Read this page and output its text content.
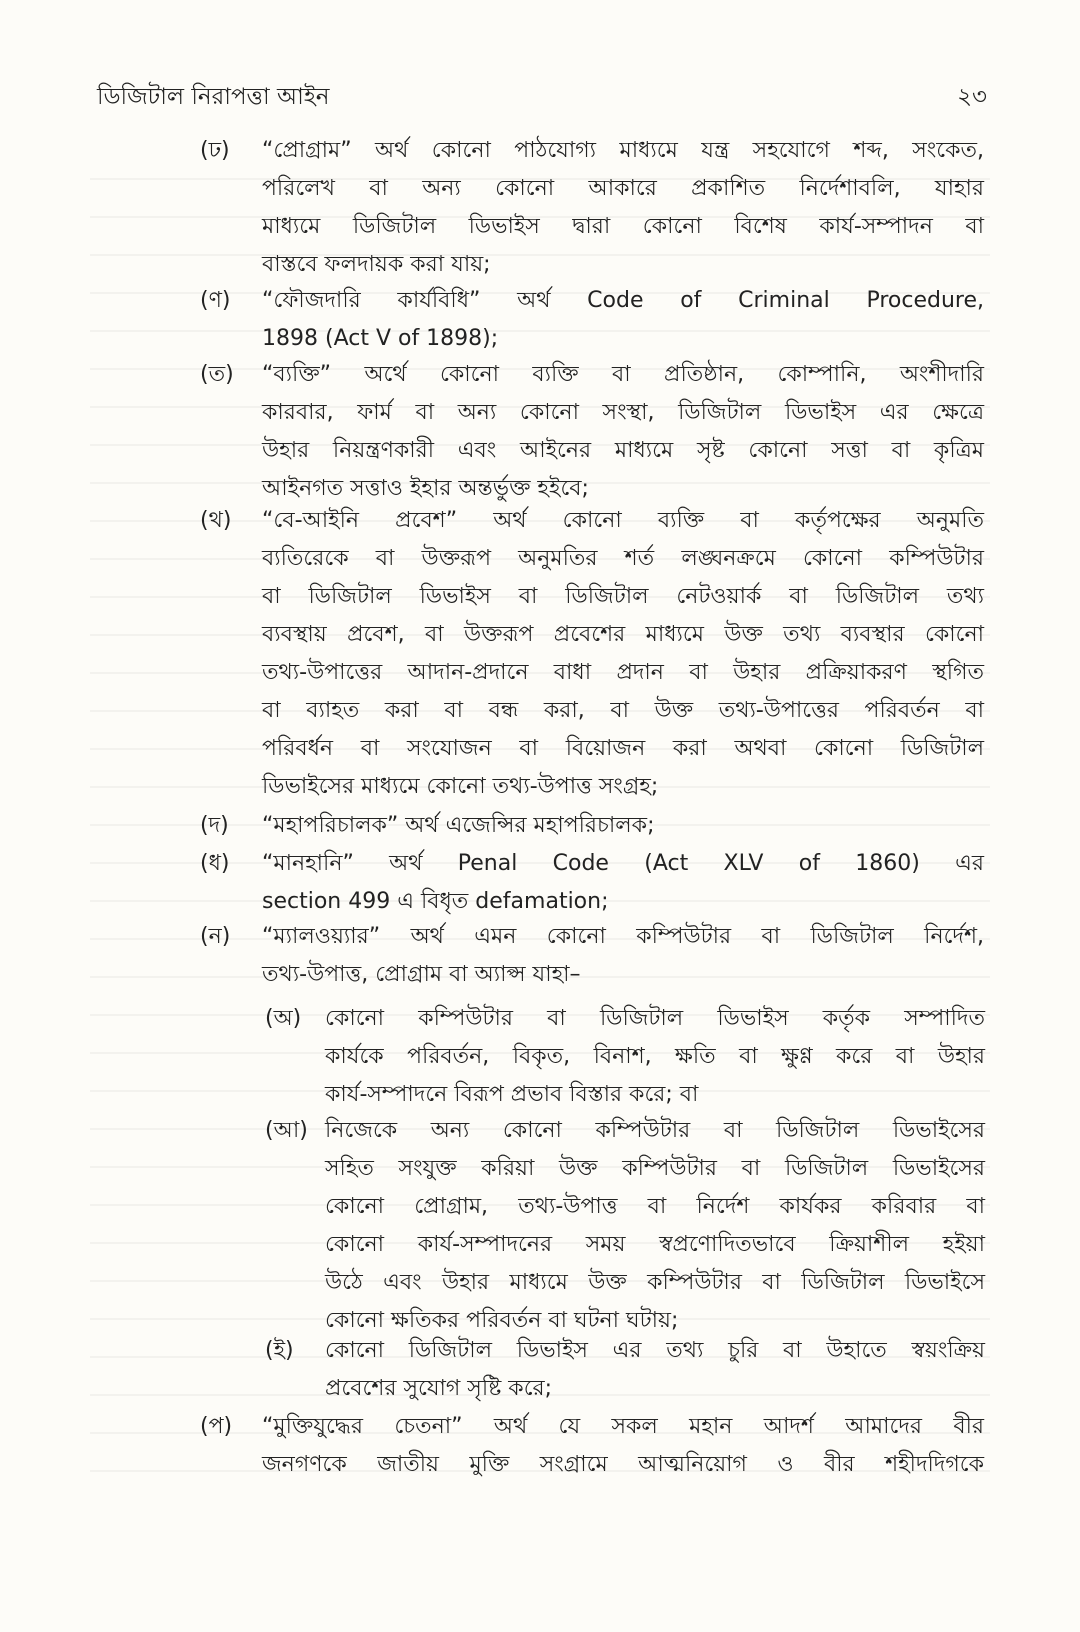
ডিজিটাল নিরাপত্তা আইন	২৩
(ঢ) “প্রোগ্রাম” অর্থ কোনো পাঠযোগ্য মাধ্যমে যন্ত্র সহযোগে শব্দ, সংকেত,
পরিলেখ বা অন্য কোনো আকারে প্রকাশিত নির্দেশাবলি, যাহার
মাধ্যমে ডিজিটাল ডিভাইস দ্বারা কোনো বিশেষ কার্য-সম্পাদন বা
বাস্তবে ফলদায়ক করা যায়;
(ণ) “ফৌজদারি কার্যবিধি” অর্থ Code of Criminal Procedure,
1898 (Act V of 1898);
(ত) “ব্যক্তি” অর্থে কোনো ব্যক্তি বা প্রতিষ্ঠান, কোম্পানি, অংশীদারি
কারবার, ফার্ম বা অন্য কোনো সংস্থা, ডিজিটাল ডিভাইস এর ক্ষেত্রে
উহার নিয়ন্ত্রণকারী এবং আইনের মাধ্যমে সৃষ্ট কোনো সত্তা বা কৃত্রিম
আইনগত সত্তাও ইহার অন্তর্ভুক্ত হইবে;
(থ) “বে-আইনি প্রবেশ” অর্থ কোনো ব্যক্তি বা কর্তৃপক্ষের অনুমতি
ব্যতিরেকে বা উক্তরূপ অনুমতির শর্ত লঙ্ঘনক্রমে কোনো কম্পিউটার
বা ডিজিটাল ডিভাইস বা ডিজিটাল নেটওয়ার্ক বা ডিজিটাল তথ্য
ব্যবস্থায় প্রবেশ, বা উক্তরূপ প্রবেশের মাধ্যমে উক্ত তথ্য ব্যবস্থার কোনো
তথ্য-উপাত্তের আদান-প্রদানে বাধা প্রদান বা উহার প্রক্রিয়াকরণ স্থগিত
বা ব্যাহত করা বা বন্ধ করা, বা উক্ত তথ্য-উপাত্তের পরিবর্তন বা
পরিবর্ধন বা সংযোজন বা বিয়োজন করা অথবা কোনো ডিজিটাল
ডিভাইসের মাধ্যমে কোনো তথ্য-উপাত্ত সংগ্রহ;
(দ) “মহাপরিচালক” অর্থ এজেন্সির মহাপরিচালক;
(ধ) “মানহানি” অর্থ Penal Code (Act XLV of 1860) এর
section 499 এ বিধৃত defamation;
(ন) “ম্যালওয়্যার” অর্থ এমন কোনো কম্পিউটার বা ডিজিটাল নির্দেশ,
তথ্য-উপাত্ত, প্রোগ্রাম বা অ্যাপ্স যাহা–
(অ) কোনো কম্পিউটার বা ডিজিটাল ডিভাইস কর্তৃক সম্পাদিত
কার্যকে পরিবর্তন, বিকৃত, বিনাশ, ক্ষতি বা ক্ষুণ্ণ করে বা উহার
কার্য-সম্পাদনে বিরূপ প্রভাব বিস্তার করে; বা
(আ) নিজেকে অন্য কোনো কম্পিউটার বা ডিজিটাল ডিভাইসের
সহিত সংযুক্ত করিয়া উক্ত কম্পিউটার বা ডিজিটাল ডিভাইসের
কোনো প্রোগ্রাম, তথ্য-উপাত্ত বা নির্দেশ কার্যকর করিবার বা
কোনো কার্য-সম্পাদনের সময় স্বপ্রণোদিতভাবে ক্রিয়াশীল হইয়া
উঠে এবং উহার মাধ্যমে উক্ত কম্পিউটার বা ডিজিটাল ডিভাইসে
কোনো ক্ষতিকর পরিবর্তন বা ঘটনা ঘটায়;
(ই) কোনো ডিজিটাল ডিভাইস এর তথ্য চুরি বা উহাতে স্বয়ংক্রিয়
প্রবেশের সুযোগ সৃষ্টি করে;
(প) “মুক্তিযুদ্ধের চেতনা” অর্থ যে সকল মহান আদর্শ আমাদের বীর
জনগণকে জাতীয় মুক্তি সংগ্রামে আত্মনিয়োগ ও বীর শহীদদিগকে
